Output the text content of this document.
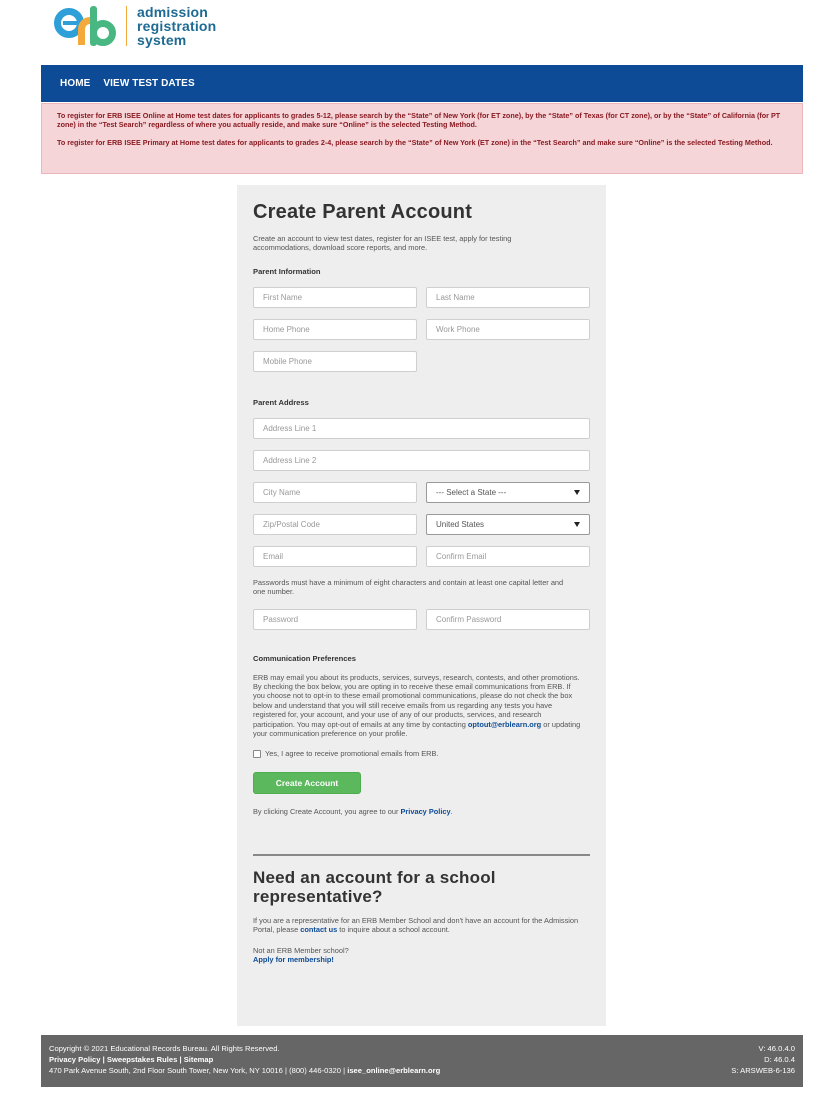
admission
registration
system
HOME VIEW TEST DATES

To register for ERB ISEE Online at Home test dates for applicants to grades 5-12, please search by the “State” of New York (for ET zone), by the “State” of Texas (for CT zone), or by the “State” of California (for PT zone) in the “Test Search” regardless of where you actually reside, and make sure “Online” is the selected Testing Method.

To register for ERB ISEE Primary at Home test dates for applicants to grades 2-4, please search by the “State” of New York (ET zone) in the “Test Search” and make sure “Online” is the selected Testing Method.

Create Parent Account

Create an account to view test dates, register for an ISEE test, apply for testing accommodations, download score reports, and more.

Parent Information
First Name
Last Name
Home Phone
Work Phone
Mobile Phone
Parent Address
Address Line 1
Address Line 2
City Name
--- Select a State ---
Zip/Postal Code
United States
Email
Confirm Email

Passwords must have a minimum of eight characters and contain at least one capital letter and one number.

Communication Preferences

ERB may email you about its products, services, surveys, research, contests, and other promotions. By checking the box below, you are opting in to receive these email communications from ERB. If you choose not to opt-in to these email promotional communications, please do not check the box below and understand that you will still receive emails from us regarding any tests you have registered for, your account, and your use of any of our products, services, and research participation. You may opt-out of emails at any time by contacting optout@erblearn.org or updating your communication preference on your profile.

Yes, I agree to receive promotional emails from ERB.
Create Account

By clicking Create Account, you agree to our Privacy Policy.

Need an account for a school representative?

If you are a representative for an ERB Member School and don't have an account for the Admission Portal, please contact us to inquire about a school account.

Not an ERB Member school?

Apply for membership!
Copyright © 2021 Educational Records Bureau. All Rights Reserved.
Privacy Policy | Sweepstakes Rules | Sitemap
470 Park Avenue South, 2nd Floor South Tower, New York, NY 10016 | (800) 446-0320 | isee_online@erblearn.org
V: 46.0.4.0
D: 46.0.4
S: ARSWEB-6-136
